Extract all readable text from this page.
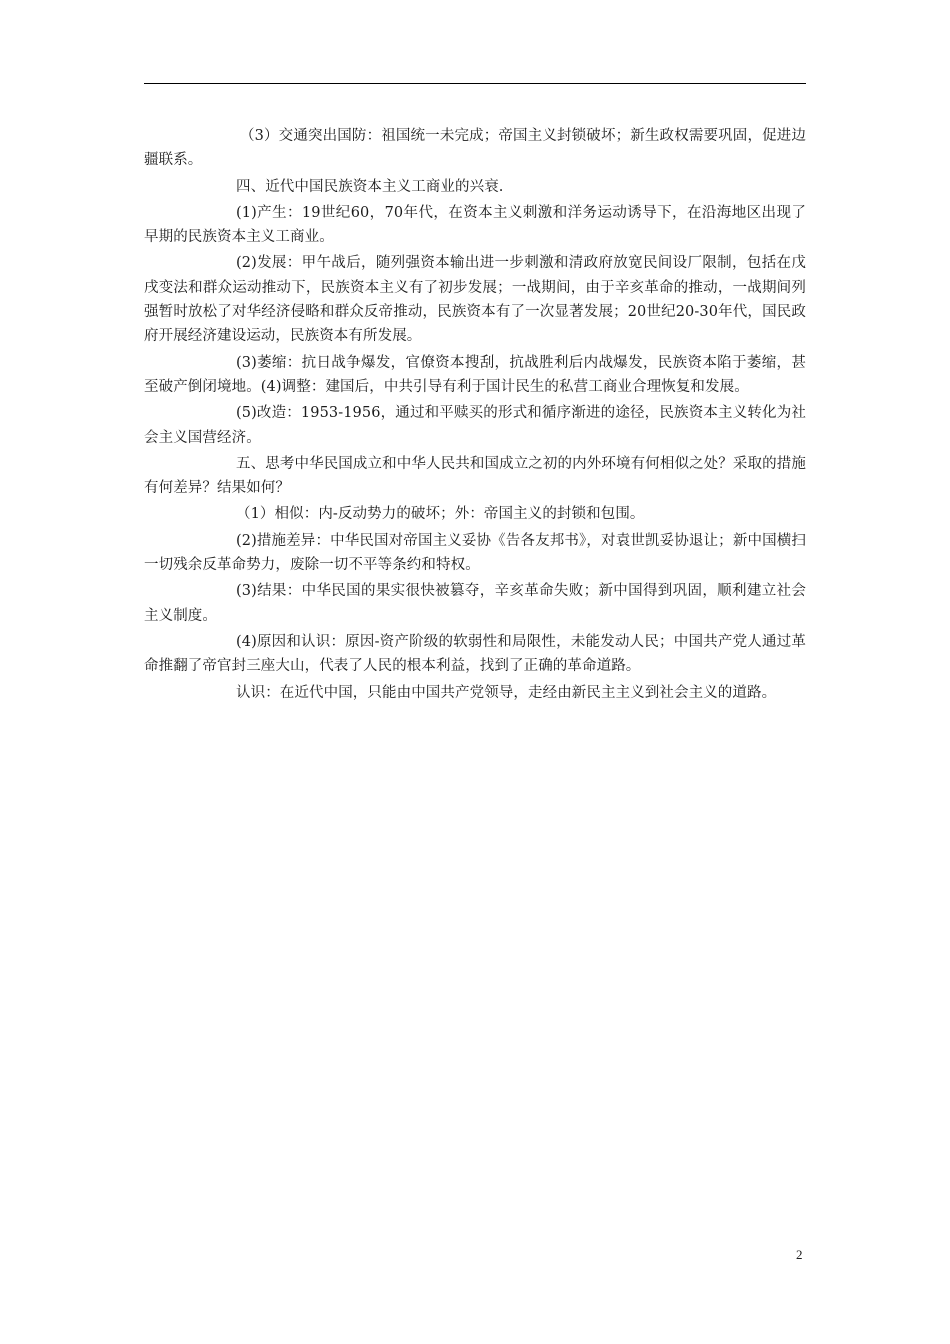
（3）交通突出国防：祖国统一未完成；帝国主义封锁破坏；新生政权需要巩固，促进边疆联系。

四、近代中国民族资本主义工商业的兴衰.

(1)产生：19世纪60，70年代，在资本主义刺激和洋务运动诱导下，在沿海地区出现了早期的民族资本主义工商业。

(2)发展：甲午战后，随列强资本输出进一步刺激和清政府放宽民间设厂限制，包括在戊戌变法和群众运动推动下，民族资本主义有了初步发展；一战期间，由于辛亥革命的推动，一战期间列强暂时放松了对华经济侵略和群众反帝推动，民族资本有了一次显著发展；20世纪20-30年代，国民政府开展经济建设运动，民族资本有所发展。

(3)萎缩：抗日战争爆发，官僚资本搜刮，抗战胜利后内战爆发，民族资本陷于萎缩，甚至破产倒闭境地。(4)调整：建国后，中共引导有利于国计民生的私营工商业合理恢复和发展。

(5)改造：1953-1956，通过和平赎买的形式和循序渐进的途径，民族资本主义转化为社会主义国营经济。

五、思考中华民国成立和中华人民共和国成立之初的内外环境有何相似之处？采取的措施有何差异？结果如何？

（1）相似：内-反动势力的破坏；外：帝国主义的封锁和包围。

(2)措施差异：中华民国对帝国主义妥协《告各友邦书》，对袁世凯妥协退让；新中国横扫一切残余反革命势力，废除一切不平等条约和特权。

(3)结果：中华民国的果实很快被篡夺，辛亥革命失败；新中国得到巩固，顺利建立社会主义制度。

(4)原因和认识：原因-资产阶级的软弱性和局限性，未能发动人民；中国共产党人通过革命推翻了帝官封三座大山，代表了人民的根本利益，找到了正确的革命道路。

认识：在近代中国，只能由中国共产党领导，走经由新民主主义到社会主义的道路。

2
